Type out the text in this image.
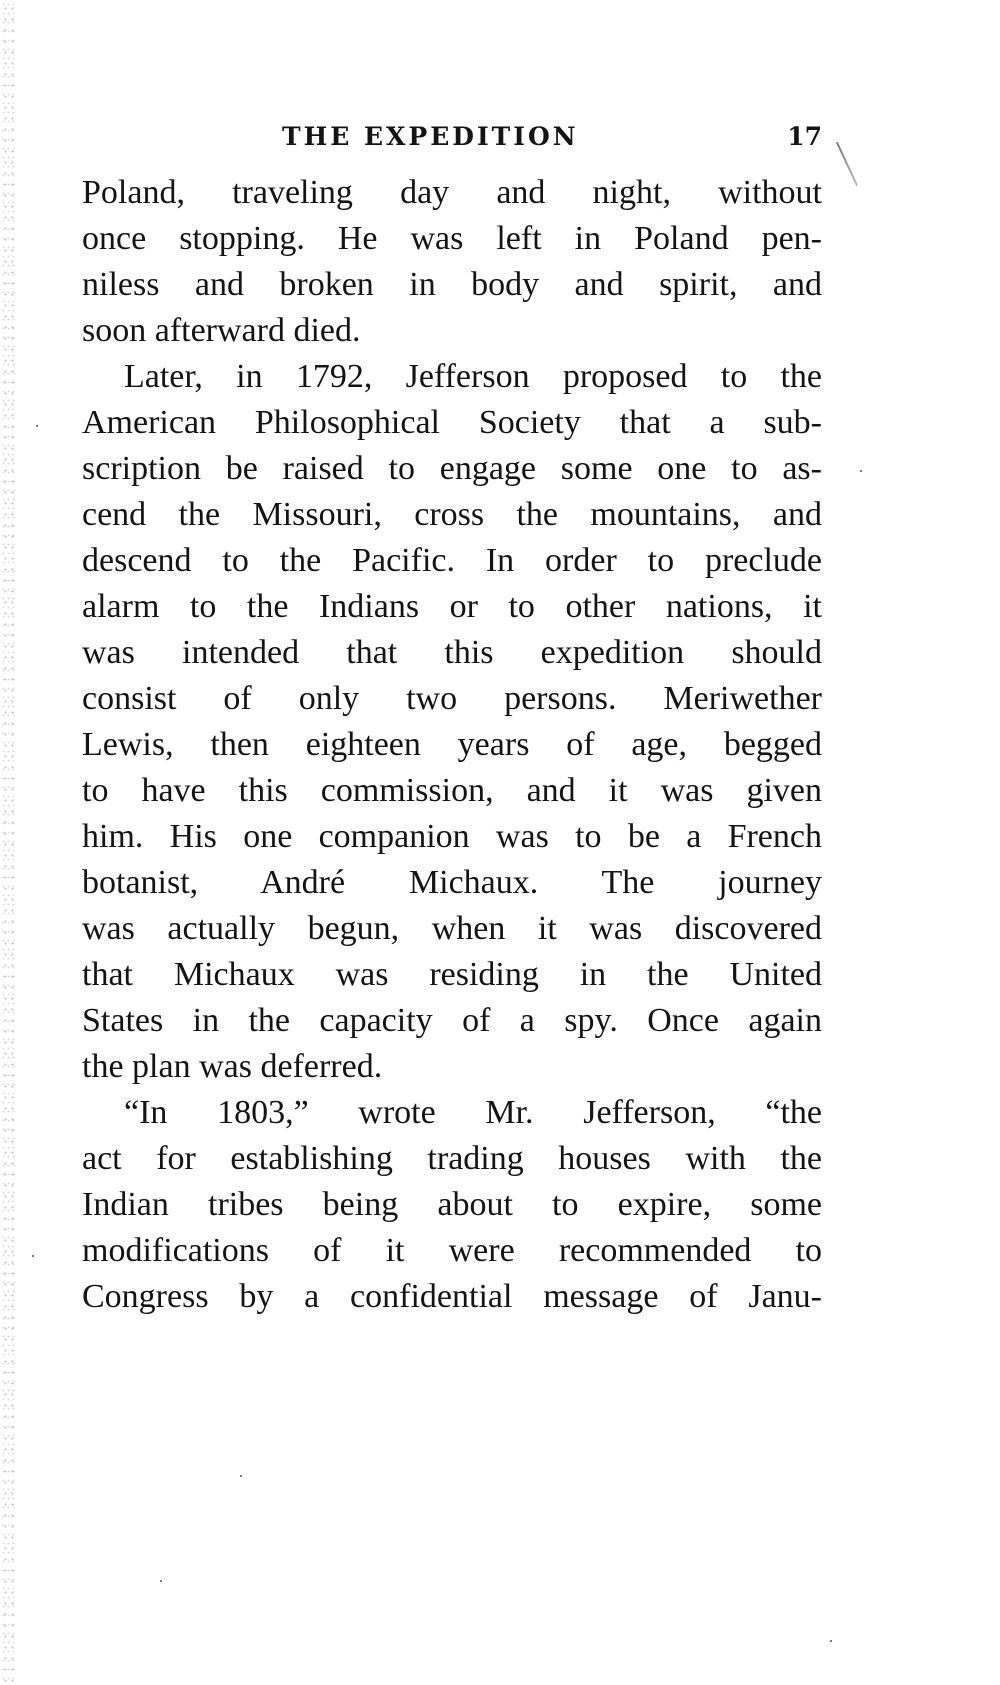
THE EXPEDITION	17
Poland, traveling day and night, without
once stopping. He was left in Poland pen-
niless and broken in body and spirit, and
soon afterward died.
Later, in 1792, Jefferson proposed to the
American Philosophical Society that a sub-
scription be raised to engage some one to as-
cend the Missouri, cross the mountains, and
descend to the Pacific. In order to preclude
alarm to the Indians or to other nations, it
was intended that this expedition should
consist of only two persons. Meriwether
Lewis, then eighteen years of age, begged
to have this commission, and it was given
him. His one companion was to be a French
botanist, André Michaux. The journey
was actually begun, when it was discovered
that Michaux was residing in the United
States in the capacity of a spy. Once again
the plan was deferred.
“In 1803,” wrote Mr. Jefferson, “the
act for establishing trading houses with the
Indian tribes being about to expire, some
modifications of it were recommended to
Congress by a confidential message of Janu-
